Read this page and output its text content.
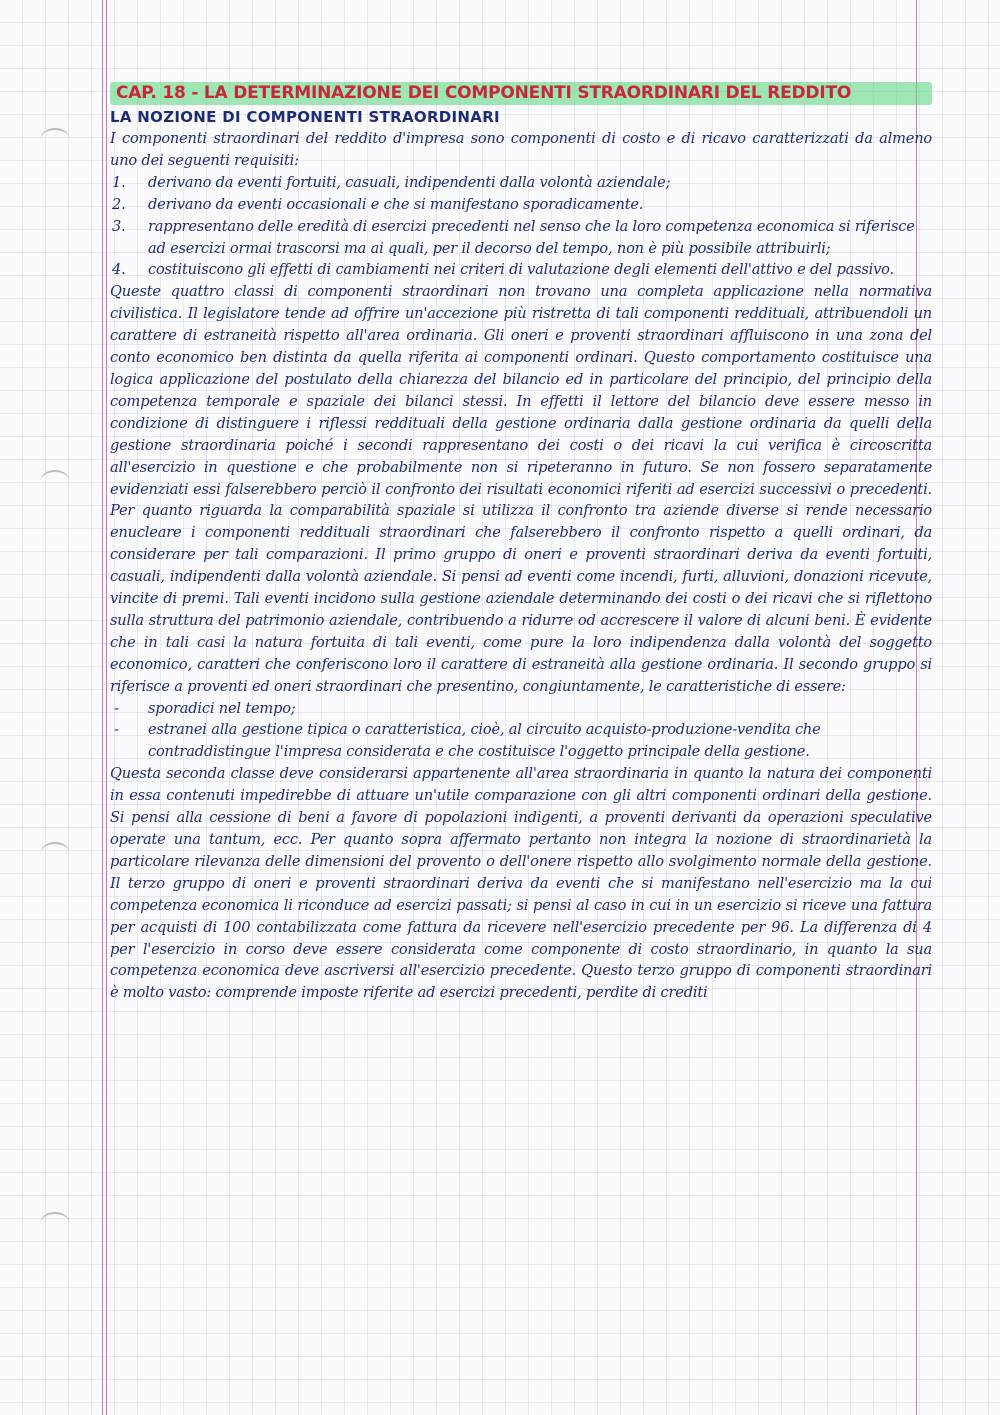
CAP. 18 - LA DETERMINAZIONE DEI COMPONENTI STRAORDINARI DEL REDDITO
LA NOZIONE DI COMPONENTI STRAORDINARI

I componenti straordinari del reddito d'impresa sono componenti di costo e di ricavo caratterizzati da almeno uno dei seguenti requisiti:

1. derivano da eventi fortuiti, casuali, indipendenti dalla volontà aziendale;
2. derivano da eventi occasionali e che si manifestano sporadicamente.
3. rappresentano delle eredità di esercizi precedenti nel senso che la loro competenza economica si riferisce ad esercizi ormai trascorsi ma ai quali, per il decorso del tempo, non è più possibile attribuirli;
4. costituiscono gli effetti di cambiamenti nei criteri di valutazione degli elementi dell'attivo e del passivo.

Queste quattro classi di componenti straordinari non trovano una completa applicazione nella normativa civilistica. Il legislatore tende ad offrire un'accezione più ristretta di tali componenti reddituali, attribuendoli un carattere di estraneità rispetto all'area ordinaria. Gli oneri e proventi straordinari affluiscono in una zona del conto economico ben distinta da quella riferita ai componenti ordinari. Questo comportamento costituisce una logica applicazione del postulato della chiarezza del bilancio ed in particolare del principio, del principio della competenza temporale e spaziale dei bilanci stessi. In effetti il lettore del bilancio deve essere messo in condizione di distinguere i riflessi reddituali della gestione ordinaria dalla gestione ordinaria da quelli della gestione straordinaria poiché i secondi rappresentano dei costi o dei ricavi la cui verifica è circoscritta all'esercizio in questione e che probabilmente non si ripeteranno in futuro. Se non fossero separatamente evidenziati essi falserebbero perciò il confronto dei risultati economici riferiti ad esercizi successivi o precedenti. Per quanto riguarda la comparabilità spaziale si utilizza il confronto tra aziende diverse si rende necessario enucleare i componenti reddituali straordinari che falserebbero il confronto rispetto a quelli ordinari, da considerare per tali comparazioni. Il primo gruppo di oneri e proventi straordinari deriva da eventi fortuiti, casuali, indipendenti dalla volontà aziendale. Si pensi ad eventi come incendi, furti, alluvioni, donazioni ricevute, vincite di premi. Tali eventi incidono sulla gestione aziendale determinando dei costi o dei ricavi che si riflettono sulla struttura del patrimonio aziendale, contribuendo a ridurre od accrescere il valore di alcuni beni. È evidente che in tali casi la natura fortuita di tali eventi, come pure la loro indipendenza dalla volontà del soggetto economico, caratteri che conferiscono loro il carattere di estraneità alla gestione ordinaria. Il secondo gruppo si riferisce a proventi ed oneri straordinari che presentino, congiuntamente, le caratteristiche di essere:

- sporadici nel tempo;
- estranei alla gestione tipica o caratteristica, cioè, al circuito acquisto-produzione-vendita che contraddistingue l'impresa considerata e che costituisce l'oggetto principale della gestione.

Questa seconda classe deve considerarsi appartenente all'area straordinaria in quanto la natura dei componenti in essa contenuti impedirebbe di attuare un'utile comparazione con gli altri componenti ordinari della gestione. Si pensi alla cessione di beni a favore di popolazioni indigenti, a proventi derivanti da operazioni speculative operate una tantum, ecc. Per quanto sopra affermato pertanto non integra la nozione di straordinarietà la particolare rilevanza delle dimensioni del provento o dell'onere rispetto allo svolgimento normale della gestione. Il terzo gruppo di oneri e proventi straordinari deriva da eventi che si manifestano nell'esercizio ma la cui competenza economica li riconduce ad esercizi passati; si pensi al caso in cui in un esercizio si riceve una fattura per acquisti di 100 contabilizzata come fattura da ricevere nell'esercizio precedente per 96. La differenza di 4 per l'esercizio in corso deve essere considerata come componente di costo straordinario, in quanto la sua competenza economica deve ascriversi all'esercizio precedente. Questo terzo gruppo di componenti straordinari è molto vasto: comprende imposte riferite ad esercizi precedenti, perdite di crediti
